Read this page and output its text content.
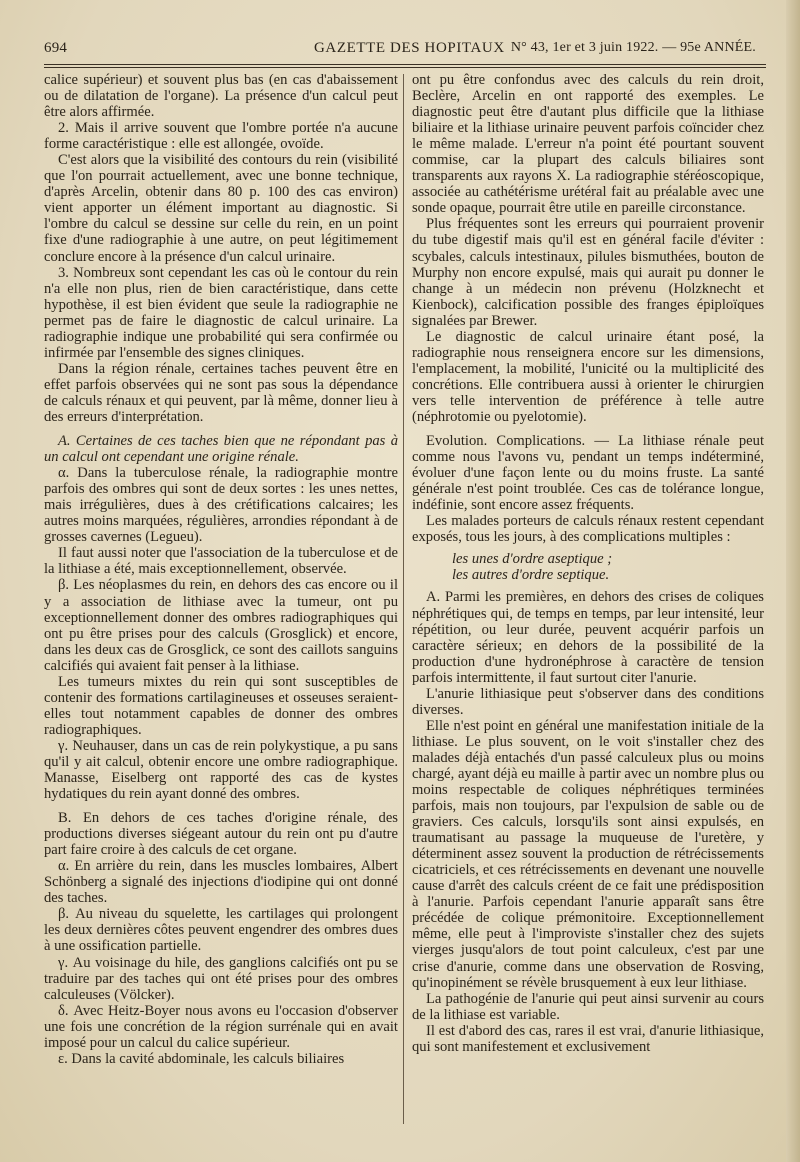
694	GAZETTE DES HOPITAUX N° 43, 1er et 3 juin 1922. — 95e ANNÉE.

calice supérieur) et souvent plus bas (en cas d'abaissement ou de dilatation de l'organe). La présence d'un calcul peut être alors affirmée.

2. Mais il arrive souvent que l'ombre portée n'a aucune forme caractéristique : elle est allongée, ovoïde.

C'est alors que la visibilité des contours du rein (visibilité que l'on pourrait actuellement, avec une bonne technique, d'après Arcelin, obtenir dans 80 p. 100 des cas environ) vient apporter un élément important au diagnostic. Si l'ombre du calcul se dessine sur celle du rein, en un point fixe d'une radiographie à une autre, on peut légitimement conclure encore à la présence d'un calcul urinaire.

3. Nombreux sont cependant les cas où le contour du rein n'a elle non plus, rien de bien caractéristique, dans cette hypothèse, il est bien évident que seule la radiographie ne permet pas de faire le diagnostic de calcul urinaire. La radiographie indique une probabilité qui sera confirmée ou infirmée par l'ensemble des signes cliniques.

Dans la région rénale, certaines taches peuvent être en effet parfois observées qui ne sont pas sous la dépendance de calculs rénaux et qui peuvent, par là même, donner lieu à des erreurs d'interprétation.

A. Certaines de ces taches bien que ne répondant pas à un calcul ont cependant une origine rénale.

α. Dans la tuberculose rénale, la radiographie montre parfois des ombres qui sont de deux sortes : les unes nettes, mais irrégulières, dues à des crétifications calcaires; les autres moins marquées, régulières, arrondies répondant à de grosses cavernes (Legueu).

Il faut aussi noter que l'association de la tuberculose et de la lithiase a été, mais exceptionnellement, observée.

β. Les néoplasmes du rein, en dehors des cas encore ou il y a association de lithiase avec la tumeur, ont pu exceptionnellement donner des ombres radiographiques qui ont pu être prises pour des calculs (Grosglick) et encore, dans les deux cas de Grosglick, ce sont des caillots sanguins calcifiés qui avaient fait penser à la lithiase.

Les tumeurs mixtes du rein qui sont susceptibles de contenir des formations cartilagineuses et osseuses seraient-elles tout notamment capables de donner des ombres radiographiques.

γ. Neuhauser, dans un cas de rein polykystique, a pu sans qu'il y ait calcul, obtenir encore une ombre radiographique. Manasse, Eiselberg ont rapporté des cas de kystes hydatiques du rein ayant donné des ombres.

B. En dehors de ces taches d'origine rénale, des productions diverses siégeant autour du rein ont pu d'autre part faire croire à des calculs de cet organe.

α. En arrière du rein, dans les muscles lombaires, Albert Schönberg a signalé des injections d'iodipine qui ont donné des taches.

β. Au niveau du squelette, les cartilages qui prolongent les deux dernières côtes peuvent engendrer des ombres dues à une ossification partielle.

γ. Au voisinage du hile, des ganglions calcifiés ont pu se traduire par des taches qui ont été prises pour des ombres calculeuses (Völcker).

δ. Avec Heitz-Boyer nous avons eu l'occasion d'observer une fois une concrétion de la région surrénale qui en avait imposé pour un calcul du calice supérieur.

ε. Dans la cavité abdominale, les calculs biliaires

ont pu être confondus avec des calculs du rein droit, Beclère, Arcelin en ont rapporté des exemples. Le diagnostic peut être d'autant plus difficile que la lithiase biliaire et la lithiase urinaire peuvent parfois coïncider chez le même malade. L'erreur n'a point été pourtant souvent commise, car la plupart des calculs biliaires sont transparents aux rayons X. La radiographie stéréoscopique, associée au cathétérisme urétéral fait au préalable avec une sonde opaque, pourrait être utile en pareille circonstance.

Plus fréquentes sont les erreurs qui pourraient provenir du tube digestif mais qu'il est en général facile d'éviter : scybales, calculs intestinaux, pilules bismuthées, bouton de Murphy non encore expulsé, mais qui aurait pu donner le change à un médecin non prévenu (Holzknecht et Kienbock), calcification possible des franges épiploïques signalées par Brewer.

Le diagnostic de calcul urinaire étant posé, la radiographie nous renseignera encore sur les dimensions, l'emplacement, la mobilité, l'unicité ou la multiplicité des concrétions. Elle contribuera aussi à orienter le chirurgien vers telle intervention de préférence à telle autre (néphrotomie ou pyelotomie).

Evolution. Complications. — La lithiase rénale peut comme nous l'avons vu, pendant un temps indéterminé, évoluer d'une façon lente ou du moins fruste. La santé générale n'est point troublée. Ces cas de tolérance longue, indéfinie, sont encore assez fréquents.

Les malades porteurs de calculs rénaux restent cependant exposés, tous les jours, à des complications multiples :

les unes d'ordre aseptique ;

les autres d'ordre septique.

A. Parmi les premières, en dehors des crises de coliques néphrétiques qui, de temps en temps, par leur intensité, leur répétition, ou leur durée, peuvent acquérir parfois un caractère sérieux; en dehors de la possibilité de la production d'une hydronéphrose à caractère de tension parfois intermittente, il faut surtout citer l'anurie.

L'anurie lithiasique peut s'observer dans des conditions diverses.

Elle n'est point en général une manifestation initiale de la lithiase. Le plus souvent, on le voit s'installer chez des malades déjà entachés d'un passé calculeux plus ou moins chargé, ayant déjà eu maille à partir avec un nombre plus ou moins respectable de coliques néphrétiques terminées parfois, mais non toujours, par l'expulsion de sable ou de graviers. Ces calculs, lorsqu'ils sont ainsi expulsés, en traumatisant au passage la muqueuse de l'uretère, y déterminent assez souvent la production de rétrécissements cicatriciels, et ces rétrécissements en devenant une nouvelle cause d'arrêt des calculs créent de ce fait une prédisposition à l'anurie. Parfois cependant l'anurie apparaît sans être précédée de colique prémonitoire. Exceptionnellement même, elle peut à l'improviste s'installer chez des sujets vierges jusqu'alors de tout point calculeux, c'est par une crise d'anurie, comme dans une observation de Rosving, qu'inopinément se révèle brusquement à eux leur lithiase.

La pathogénie de l'anurie qui peut ainsi survenir au cours de la lithiase est variable.

Il est d'abord des cas, rares il est vrai, d'anurie lithiasique, qui sont manifestement et exclusivement
